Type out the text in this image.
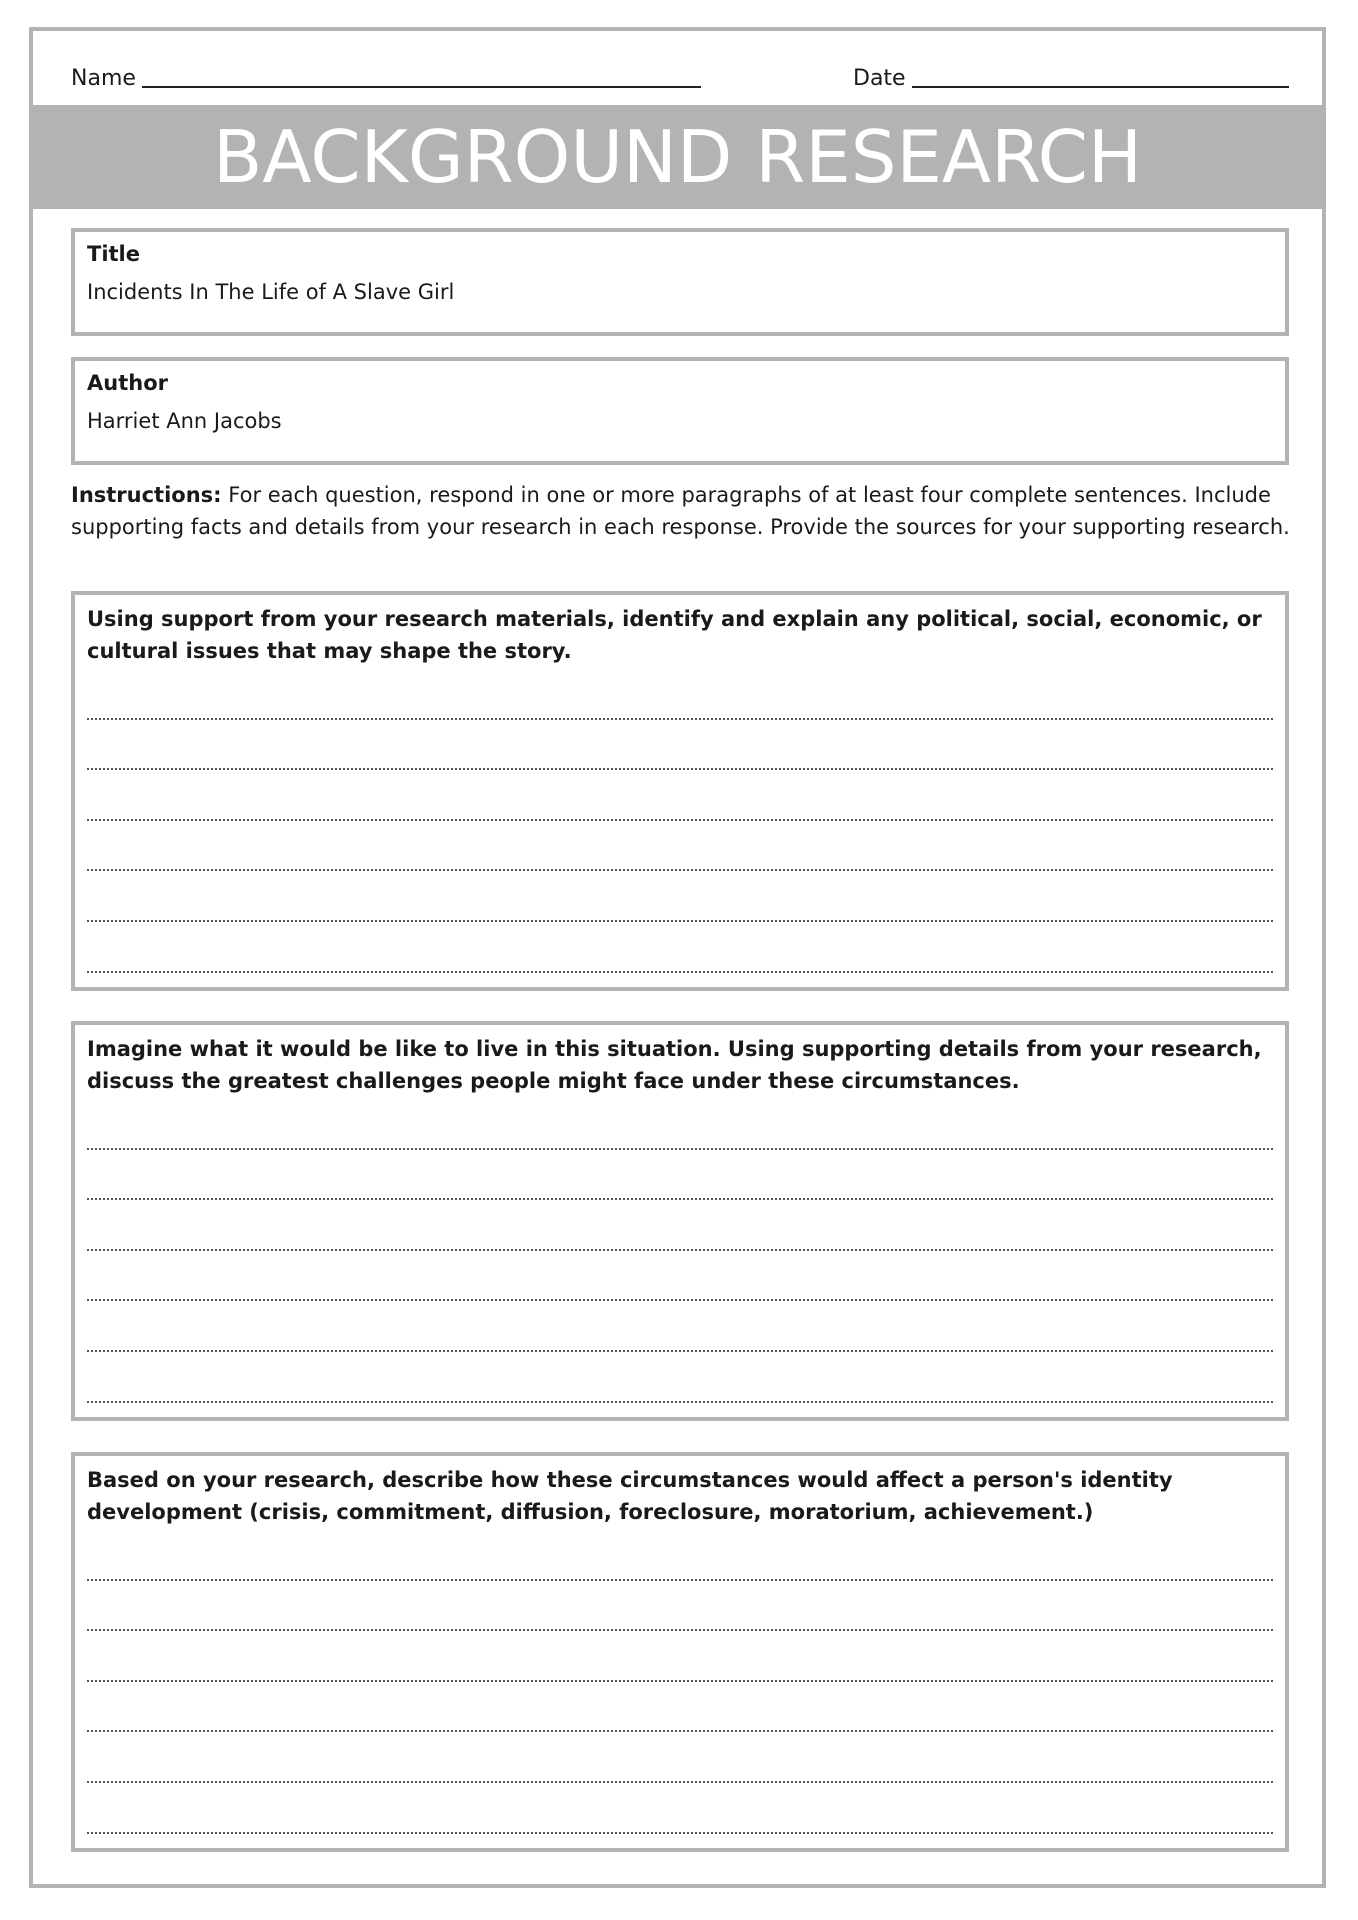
Name	Date
BACKGROUND RESEARCH
Title
Incidents In The Life of A Slave Girl
Author
Harriet Ann Jacobs
Instructions: For each question, respond in one or more paragraphs of at least four complete sentences. Include supporting facts and details from your research in each response. Provide the sources for your supporting research.
Using support from your research materials, identify and explain any political, social, economic, or cultural issues that may shape the story.
Imagine what it would be like to live in this situation. Using supporting details from your research, discuss the greatest challenges people might face under these circumstances.
Based on your research, describe how these circumstances would affect a person's identity development (crisis, commitment, diffusion, foreclosure, moratorium, achievement.)
